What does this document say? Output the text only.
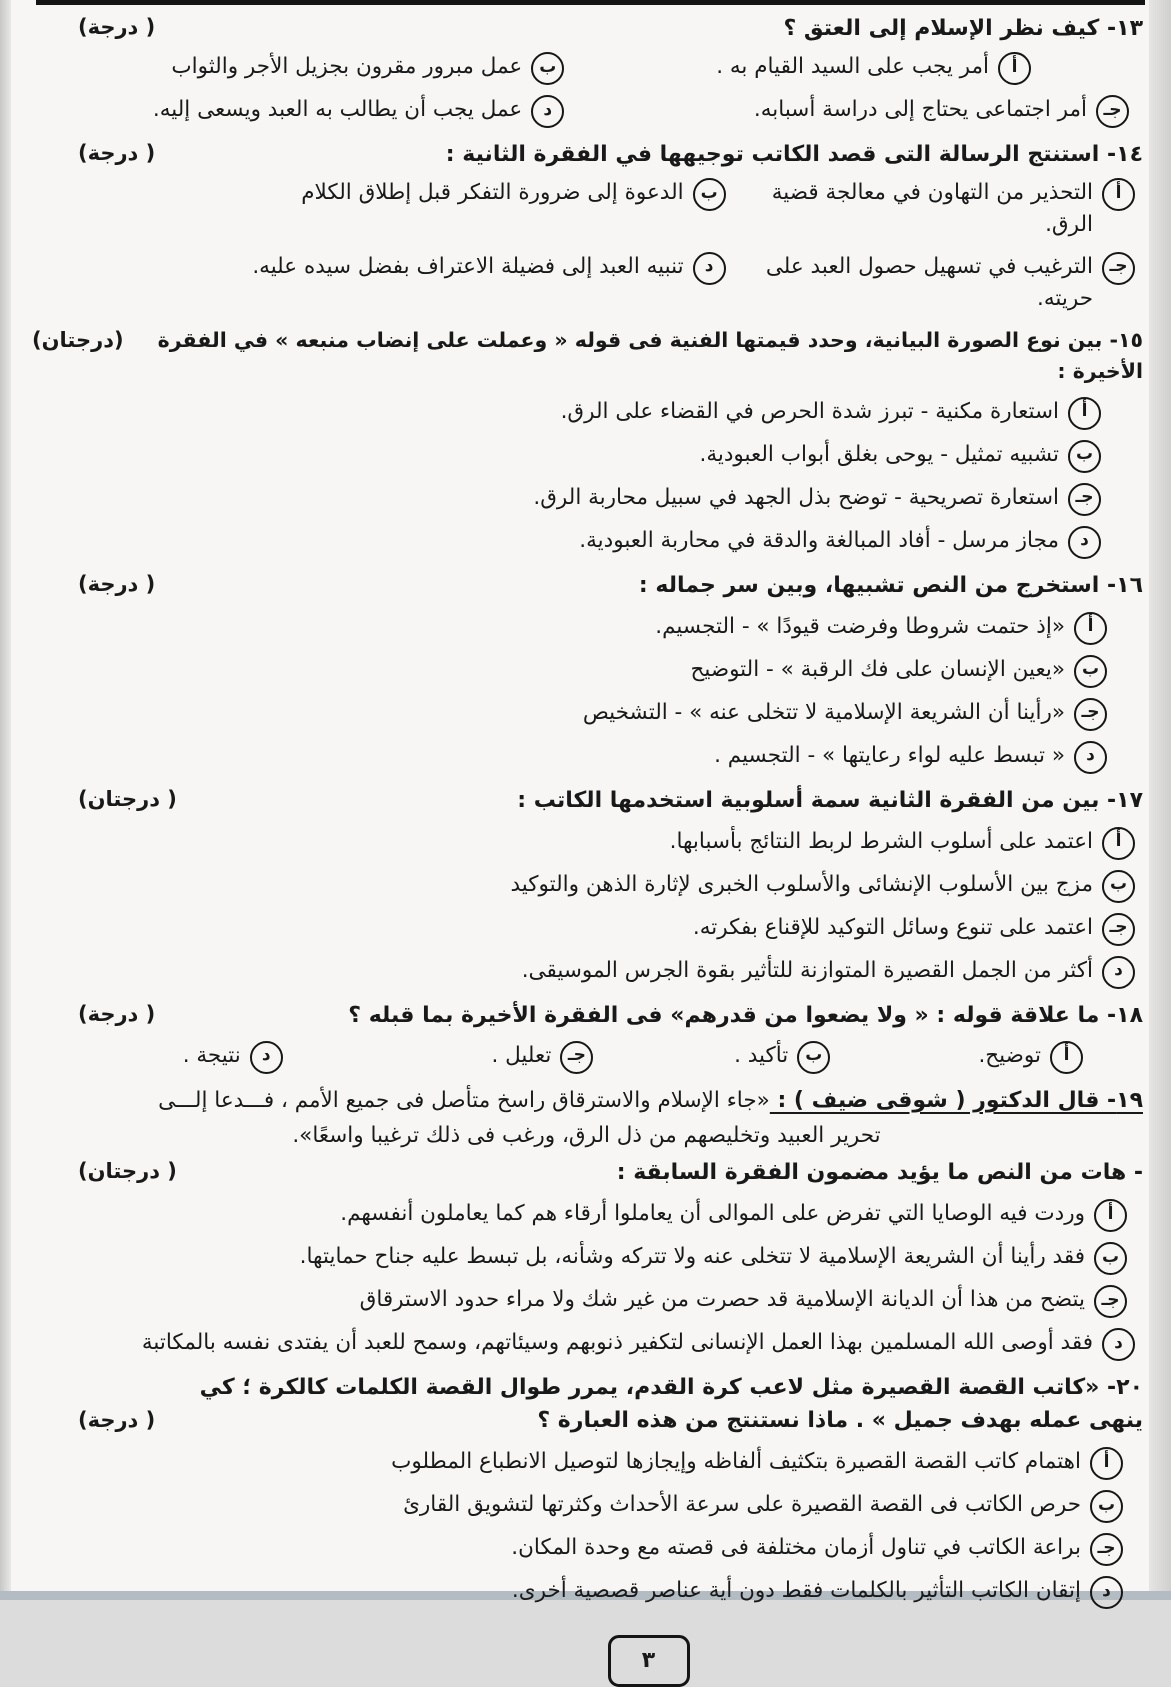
١٣- كيف نظر الإسلام إلى العتق ؟
( درجة)
أ
أمر يجب على السيد القيام به .
ب
عمل مبرور مقرون بجزيل الأجر والثواب
جـ
أمر اجتماعى يحتاج إلى دراسة أسبابه.
د
عمل يجب أن يطالب به العبد ويسعى إليه.
١٤- استنتج الرسالة التى قصد الكاتب توجيهها في الفقرة الثانية :
( درجة)
أ
التحذير من التهاون في معالجة قضية الرق.
ب
الدعوة إلى ضرورة التفكر قبل إطلاق الكلام
جـ
الترغيب في تسهيل حصول العبد على حريته.
د
تنبيه العبد إلى فضيلة الاعتراف بفضل سيده عليه.
١٥- بين نوع الصورة البيانية، وحدد قيمتها الفنية فى قوله « وعملت على إنضاب منبعه » في الفقرة الأخيرة :
(درجتان)
أ
استعارة مكنية - تبرز شدة الحرص في القضاء على الرق.
ب
تشبيه تمثيل - يوحى بغلق أبواب العبودية.
جـ
استعارة تصريحية - توضح بذل الجهد في سبيل محاربة الرق.
د
مجاز مرسل - أفاد المبالغة والدقة في محاربة العبودية.
١٦- استخرج من النص تشبيها، وبين سر جماله :
( درجة)
أ
«إذ حتمت شروطا وفرضت قيودًا » - التجسيم.
ب
«يعين الإنسان على فك الرقبة » - التوضيح
جـ
«رأينا أن الشريعة الإسلامية لا تتخلى عنه » - التشخيص
د
« تبسط عليه لواء رعايتها » - التجسيم .
١٧- بين من الفقرة الثانية سمة أسلوبية استخدمها الكاتب :
( درجتان)
أ
اعتمد على أسلوب الشرط لربط النتائج بأسبابها.
ب
مزج بين الأسلوب الإنشائى والأسلوب الخبرى لإثارة الذهن والتوكيد
جـ
اعتمد على تنوع وسائل التوكيد للإقناع بفكرته.
د
أكثر من الجمل القصيرة المتوازنة للتأثير بقوة الجرس الموسيقى.
١٨- ما علاقة قوله : « ولا يضعوا من قدرهم» فى الفقرة الأخيرة بما قبله ؟
( درجة)
أ
توضيح.
ب
تأكيد .
جـ
تعليل .
د
نتيجة .

١٩- قال الدكتور ( شوقى ضيف ) : «جاء الإسلام والاسترقاق راسخ متأصل فى جميع الأمم ، فـــدعا إلـــى

تحرير العبيد وتخليصهم من ذل الرق، ورغب فى ذلك ترغيبا واسعًا».

- هات من النص ما يؤيد مضمون الفقرة السابقة :
( درجتان)
أ
وردت فيه الوصايا التي تفرض على الموالى أن يعاملوا أرقاء هم كما يعاملون أنفسهم.
ب
فقد رأينا أن الشريعة الإسلامية لا تتخلى عنه ولا تتركه وشأنه، بل تبسط عليه جناح حمايتها.
جـ
يتضح من هذا أن الديانة الإسلامية قد حصرت من غير شك ولا مراء حدود الاسترقاق
د
فقد أوصى الله المسلمين بهذا العمل الإنسانى لتكفير ذنوبهم وسيئاتهم، وسمح للعبد أن يفتدى نفسه بالمكاتبة
٢٠- «كاتب القصة القصيرة مثل لاعب كرة القدم، يمرر طوال القصة الكلمات كالكرة ؛ كي ينهى عمله بهدف جميل » . ماذا نستنتج من هذه العبارة ؟
( درجة)
أ
اهتمام كاتب القصة القصيرة بتكثيف ألفاظه وإيجازها لتوصيل الانطباع المطلوب
ب
حرص الكاتب فى القصة القصيرة على سرعة الأحداث وكثرتها لتشويق القارئ
جـ
براعة الكاتب في تناول أزمان مختلفة فى قصته مع وحدة المكان.
د
إتقان الكاتب التأثير بالكلمات فقط دون أية عناصر قصصية أخرى.
٣
